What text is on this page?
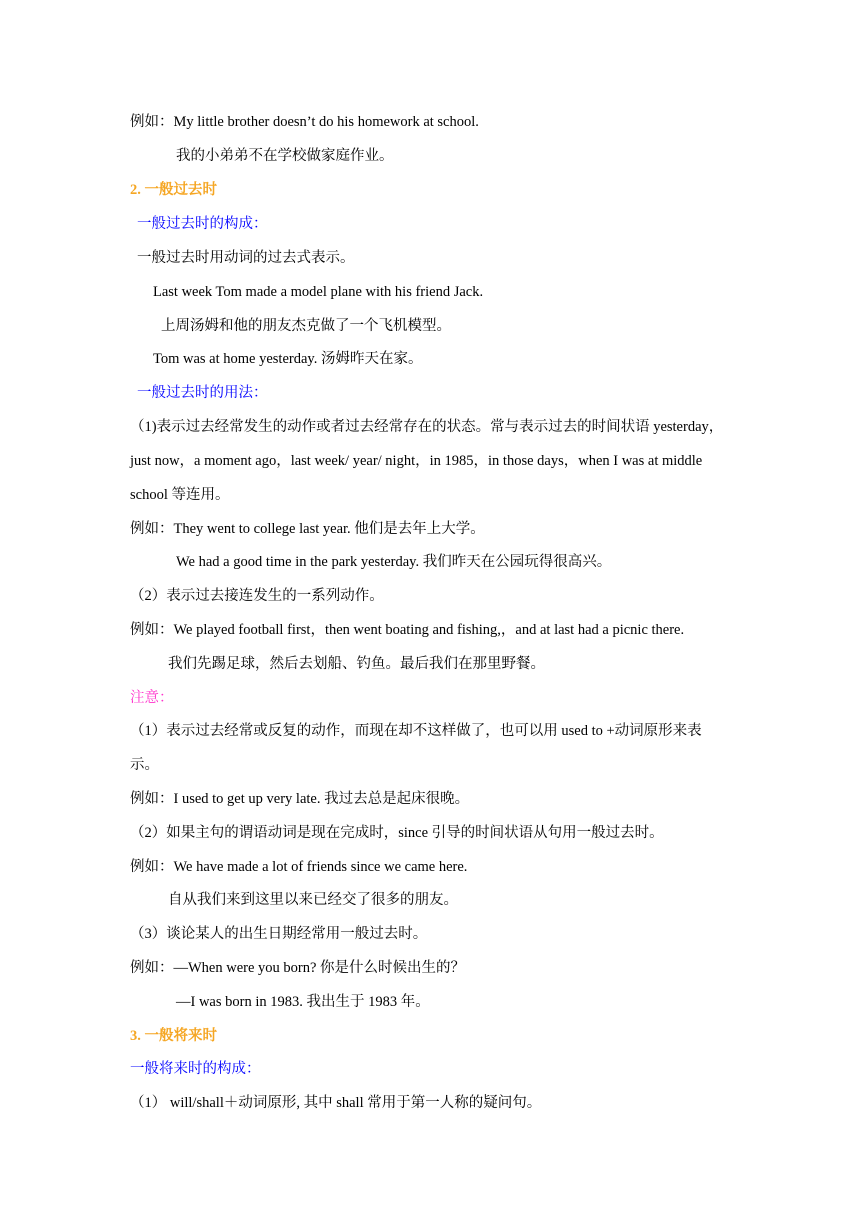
例如：My little brother doesn’t do his homework at school.
我的小弟弟不在学校做家庭作业。
2. 一般过去时
一般过去时的构成：
一般过去时用动词的过去式表示。
Last week Tom made a model plane with his friend Jack.
上周汤姆和他的朋友杰克做了一个飞机模型。
Tom was at home yesterday. 汤姆昨天在家。
一般过去时的用法：
（1)表示过去经常发生的动作或者过去经常存在的状态。常与表示过去的时间状语 yesterday，
just now，a moment ago，last week/ year/ night，in 1985，in those days，when I was at middle
school 等连用。
例如：They went to college last year. 他们是去年上大学。
We had a good time in the park yesterday. 我们昨天在公园玩得很高兴。
（2）表示过去接连发生的一系列动作。
例如：We played football first，then went boating and fishing,，and at last had a picnic there.
我们先踢足球，然后去划船、钓鱼。最后我们在那里野餐。
注意：
（1）表示过去经常或反复的动作，而现在却不这样做了，也可以用 used to +动词原形来表
示。
例如：I used to get up very late. 我过去总是起床很晚。
（2）如果主句的谓语动词是现在完成时，since 引导的时间状语从句用一般过去时。
例如：We have made a lot of friends since we came here.
自从我们来到这里以来已经交了很多的朋友。
（3）谈论某人的出生日期经常用一般过去时。
例如：—When were you born? 你是什么时候出生的？
—I was born in 1983. 我出生于 1983 年。
3. 一般将来时
一般将来时的构成：
（1） will/shall＋动词原形, 其中 shall 常用于第一人称的疑问句。
